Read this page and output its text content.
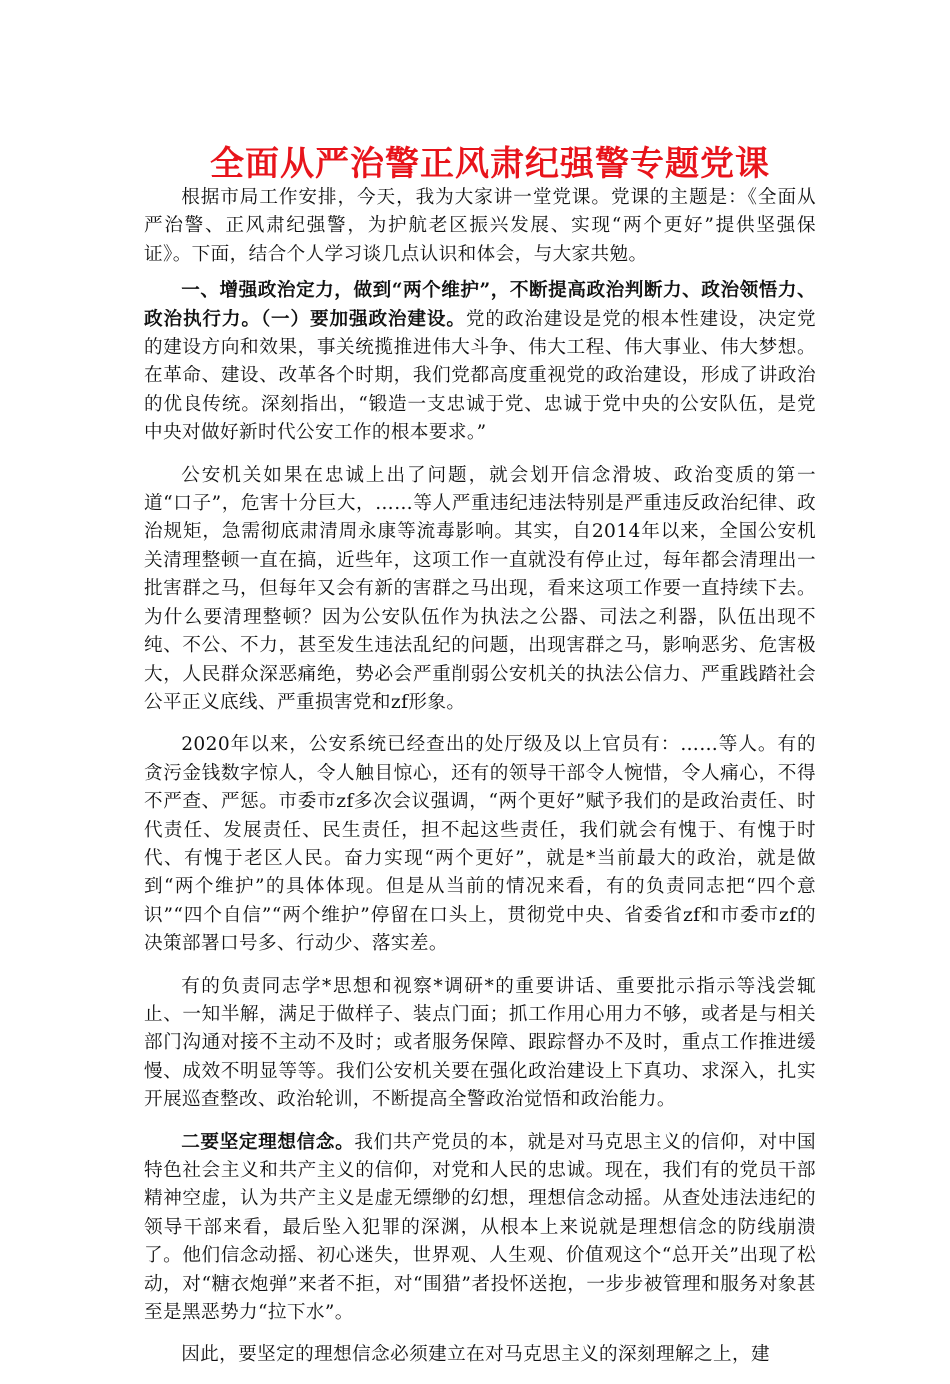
全面从严治警正风肃纪强警专题党课

根据市局工作安排，今天，我为大家讲一堂党课。党课的主题是：《全面从严治警、正风肃纪强警，为护航老区振兴发展、实现“两个更好”提供坚强保证》。下面，结合个人学习谈几点认识和体会，与大家共勉。

一、增强政治定力，做到“两个维护”，不断提高政治判断力、政治领悟力、政治执行力。（一）要加强政治建设。党的政治建设是党的根本性建设，决定党的建设方向和效果，事关统揽推进伟大斗争、伟大工程、伟大事业、伟大梦想。在革命、建设、改革各个时期，我们党都高度重视党的政治建设，形成了讲政治的优良传统。深刻指出，“锻造一支忠诚于党、忠诚于党中央的公安队伍，是党中央对做好新时代公安工作的根本要求。”

公安机关如果在忠诚上出了问题，就会划开信念滑坡、政治变质的第一道“口子”，危害十分巨大，……等人严重违纪违法特别是严重违反政治纪律、政治规矩，急需彻底肃清周永康等流毒影响。其实，自2014年以来，全国公安机关清理整顿一直在搞，近些年，这项工作一直就没有停止过，每年都会清理出一批害群之马，但每年又会有新的害群之马出现，看来这项工作要一直持续下去。为什么要清理整顿？因为公安队伍作为执法之公器、司法之利器，队伍出现不纯、不公、不力，甚至发生违法乱纪的问题，出现害群之马，影响恶劣、危害极大，人民群众深恶痛绝，势必会严重削弱公安机关的执法公信力、严重践踏社会公平正义底线、严重损害党和zf形象。

2020年以来，公安系统已经查出的处厅级及以上官员有：……等人。有的贪污金钱数字惊人，令人触目惊心，还有的领导干部令人惋惜，令人痛心，不得不严查、严惩。市委市zf多次会议强调，“两个更好”赋予我们的是政治责任、时代责任、发展责任、民生责任，担不起这些责任，我们就会有愧于、有愧于时代、有愧于老区人民。奋力实现“两个更好”，就是*当前最大的政治，就是做到“两个维护”的具体体现。但是从当前的情况来看，有的负责同志把“四个意识”“四个自信”“两个维护”停留在口头上，贯彻党中央、省委省zf和市委市zf的决策部署口号多、行动少、落实差。

有的负责同志学*思想和视察*调研*的重要讲话、重要批示指示等浅尝辄止、一知半解，满足于做样子、装点门面；抓工作用心用力不够，或者是与相关部门沟通对接不主动不及时；或者服务保障、跟踪督办不及时，重点工作推进缓慢、成效不明显等等。我们公安机关要在强化政治建设上下真功、求深入，扎实开展巡查整改、政治轮训，不断提高全警政治觉悟和政治能力。

二要坚定理想信念。我们共产党员的本，就是对马克思主义的信仰，对中国特色社会主义和共产主义的信仰，对党和人民的忠诚。现在，我们有的党员干部精神空虚，认为共产主义是虚无缥缈的幻想，理想信念动摇。从查处违法违纪的领导干部来看，最后坠入犯罪的深渊，从根本上来说就是理想信念的防线崩溃了。他们信念动摇、初心迷失，世界观、人生观、价值观这个“总开关”出现了松动，对“糖衣炮弹”来者不拒，对“围猎”者投怀送抱，一步步被管理和服务对象甚至是黑恶势力“拉下水”。

因此，要坚定的理想信念必须建立在对马克思主义的深刻理解之上，建
